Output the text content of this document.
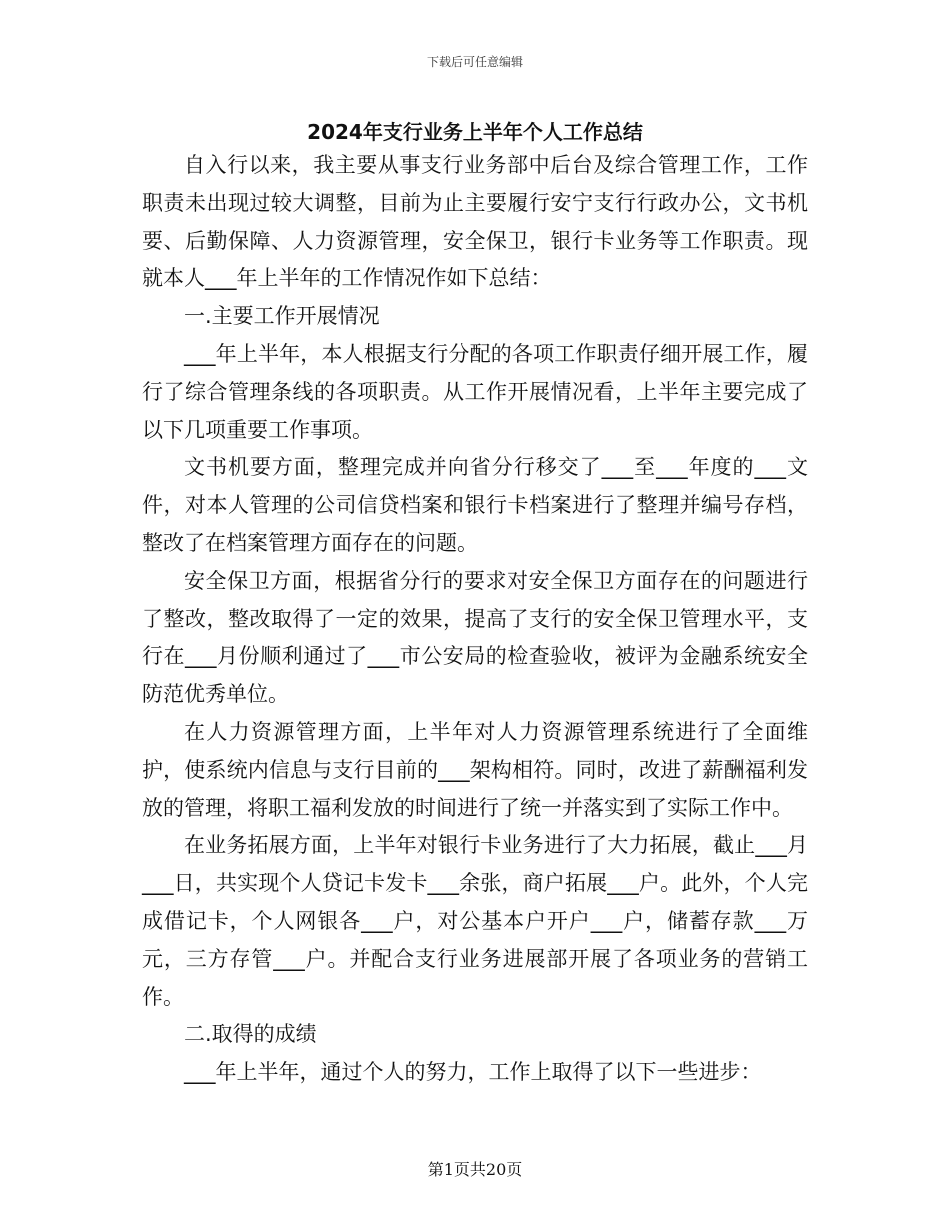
下载后可任意编辑
2024年支行业务上半年个人工作总结

自入行以来，我主要从事支行业务部中后台及综合管理工作，工作职责未出现过较大调整，目前为止主要履行安宁支行行政办公，文书机要、后勤保障、人力资源管理，安全保卫，银行卡业务等工作职责。现就本人___年上半年的工作情况作如下总结：

一.主要工作开展情况

___年上半年，本人根据支行分配的各项工作职责仔细开展工作，履行了综合管理条线的各项职责。从工作开展情况看，上半年主要完成了以下几项重要工作事项。

文书机要方面，整理完成并向省分行移交了___至___年度的___文件，对本人管理的公司信贷档案和银行卡档案进行了整理并编号存档，整改了在档案管理方面存在的问题。

安全保卫方面，根据省分行的要求对安全保卫方面存在的问题进行了整改，整改取得了一定的效果，提高了支行的安全保卫管理水平，支行在___月份顺利通过了___市公安局的检查验收，被评为金融系统安全防范优秀单位。

在人力资源管理方面，上半年对人力资源管理系统进行了全面维护，使系统内信息与支行目前的___架构相符。同时，改进了薪酬福利发放的管理，将职工福利发放的时间进行了统一并落实到了实际工作中。

在业务拓展方面，上半年对银行卡业务进行了大力拓展，截止___月___日，共实现个人贷记卡发卡___余张，商户拓展___户。此外，个人完成借记卡，个人网银各___户，对公基本户开户___户，储蓄存款___万元，三方存管___户。并配合支行业务进展部开展了各项业务的营销工作。

二.取得的成绩

___年上半年，通过个人的努力，工作上取得了以下一些进步：

第1页共20页
